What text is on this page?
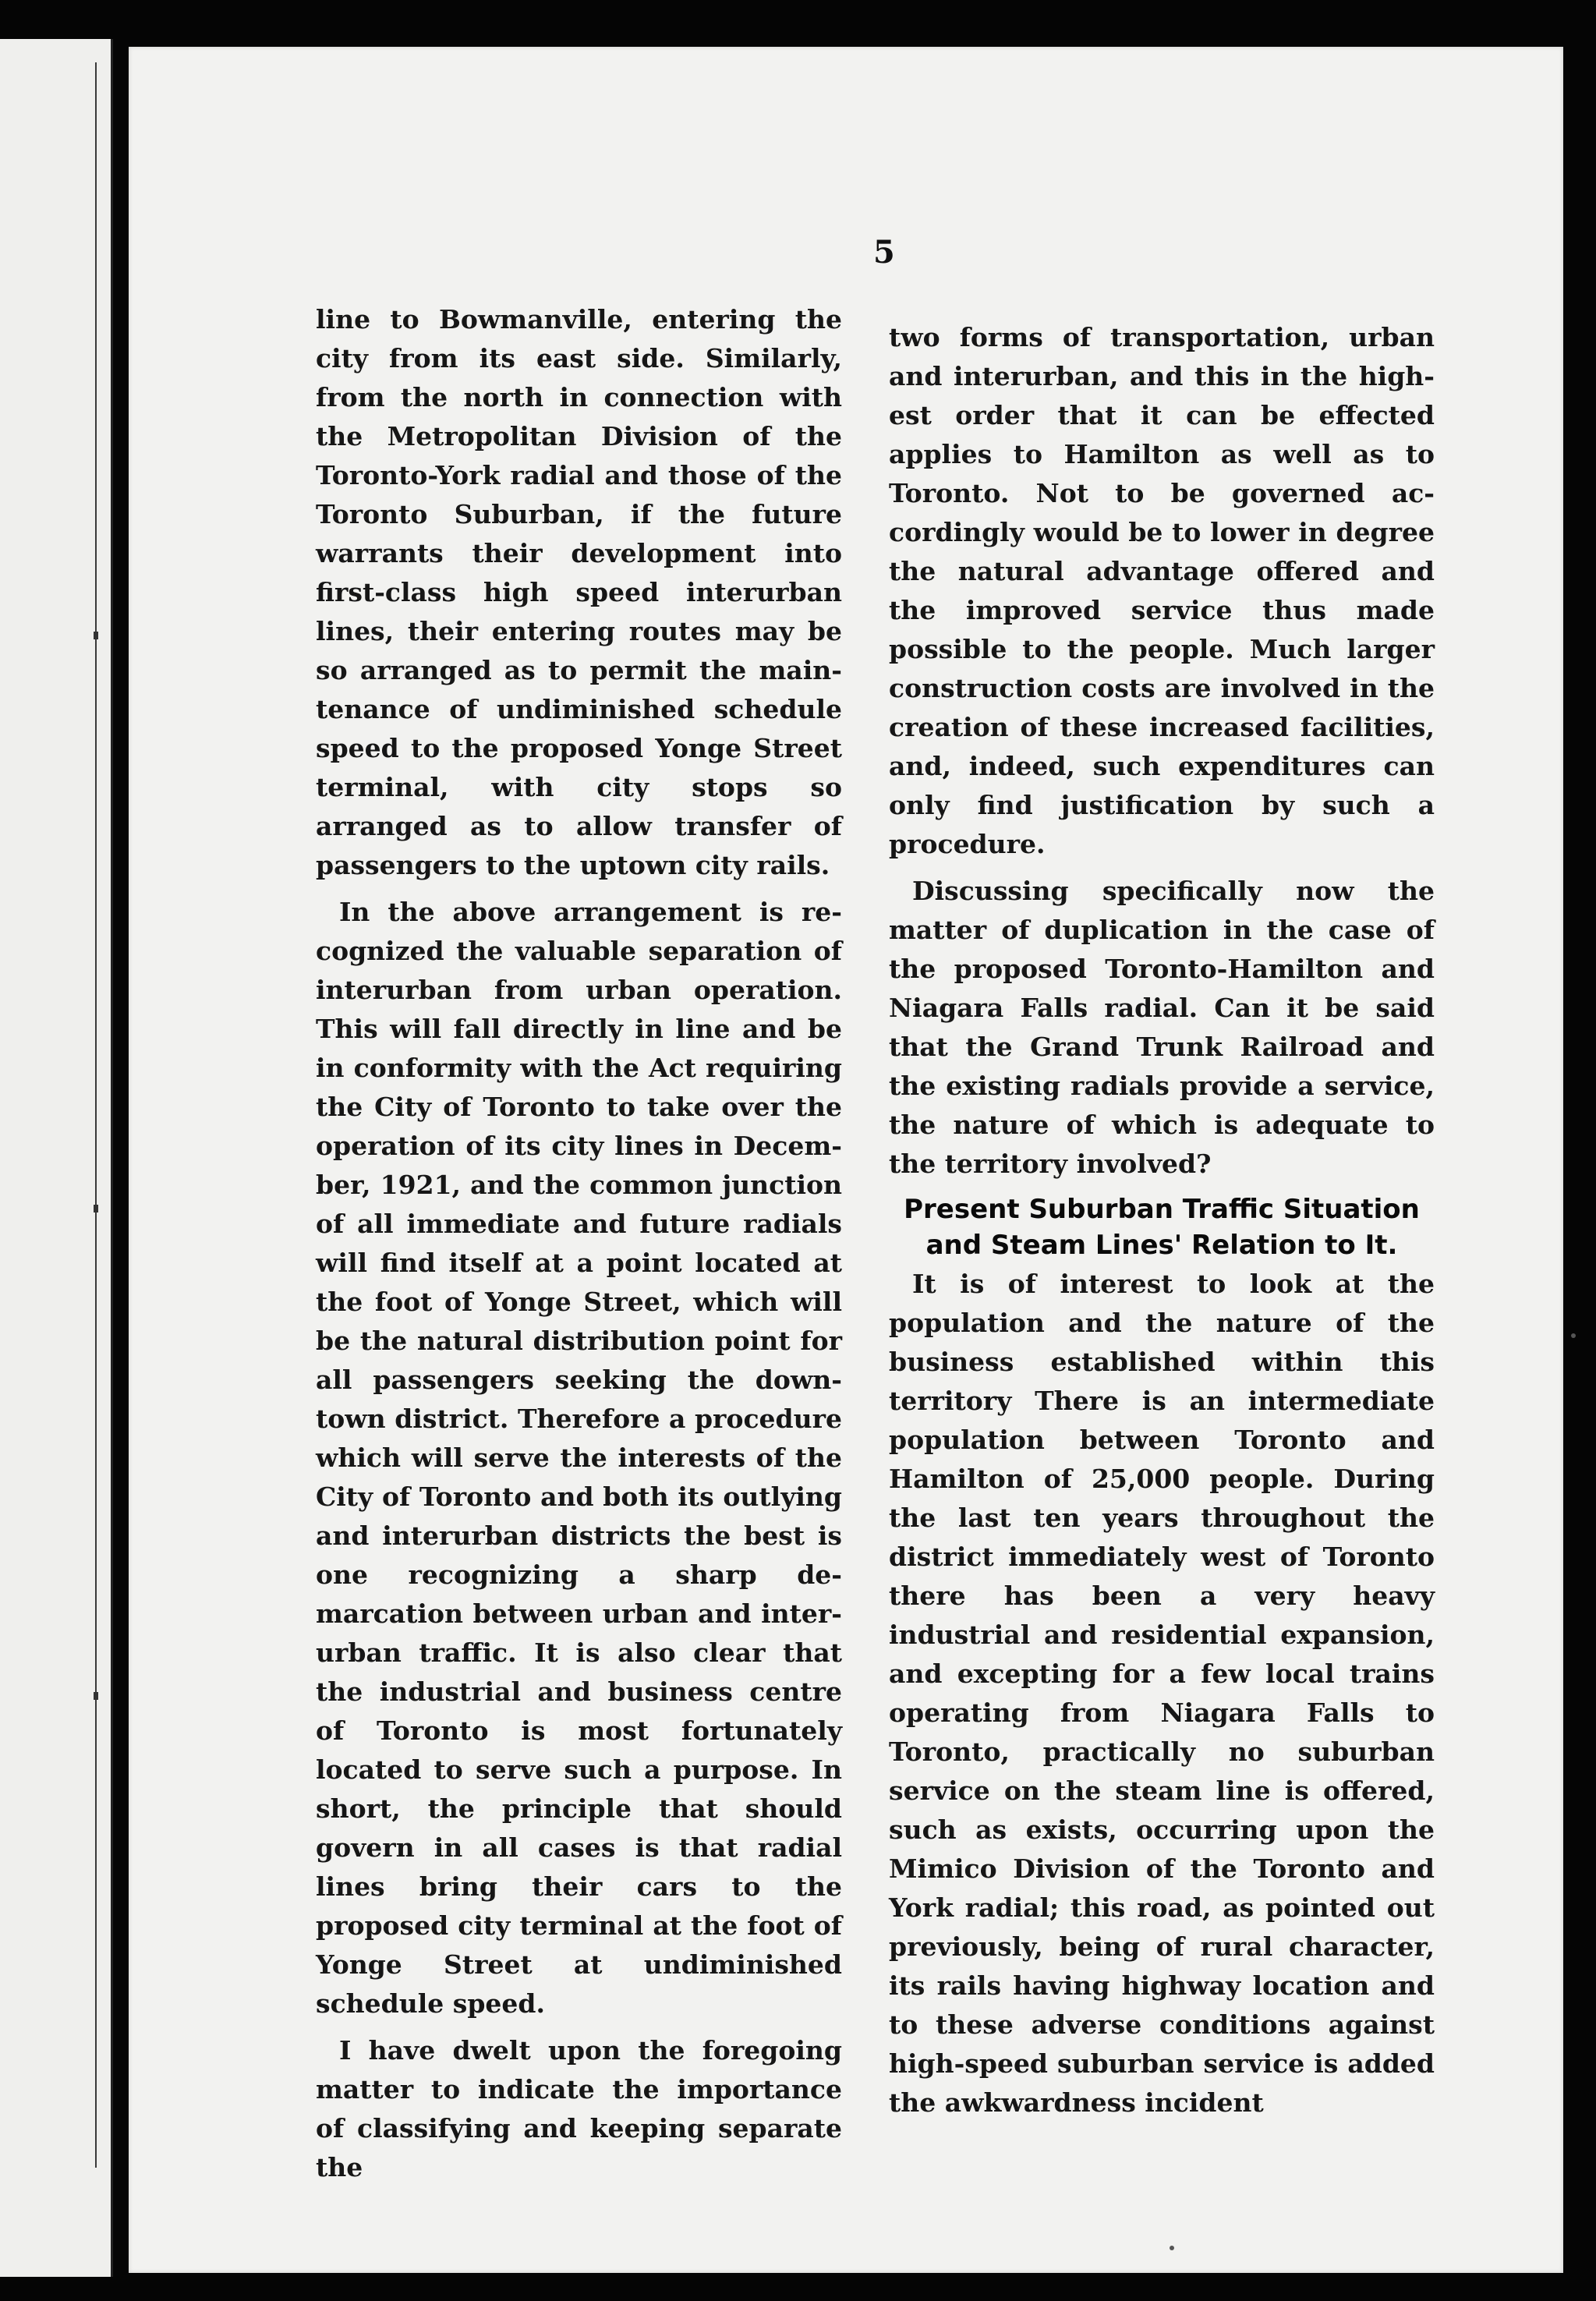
5

line to Bowmanville, entering the city from its east side. Similarly, from the north in connection with the Metropolitan Division of the Toronto-York radial and those of the Toronto Suburban, if the future warrants their development into first-class high speed interurban lines, their entering routes may be so arranged as to permit the maintenance of undiminished schedule speed to the proposed Yonge Street terminal, with city stops so arranged as to allow transfer of passengers to the uptown city rails.

In the above arrangement is recognized the valuable separation of interurban from urban operation. This will fall directly in line and be in conformity with the Act requiring the City of Toronto to take over the operation of its city lines in December, 1921, and the common junction of all immediate and future radials will find itself at a point located at the foot of Yonge Street, which will be the natural distribution point for all passengers seeking the downtown district. Therefore a procedure which will serve the interests of the City of Toronto and both its outlying and interurban districts the best is one recognizing a sharp demarcation between urban and interurban traffic. It is also clear that the industrial and business centre of Toronto is most fortunately located to serve such a purpose. In short, the principle that should govern in all cases is that radial lines bring their cars to the proposed city terminal at the foot of Yonge Street at undiminished schedule speed.

I have dwelt upon the foregoing matter to indicate the importance of classifying and keeping separate the

two forms of transportation, urban and interurban, and this in the highest order that it can be effected applies to Hamilton as well as to Toronto. Not to be governed accordingly would be to lower in degree the natural advantage offered and the improved service thus made possible to the people. Much larger construction costs are involved in the creation of these increased facilities, and, indeed, such expenditures can only find justification by such a procedure.

Discussing specifically now the matter of duplication in the case of the proposed Toronto-Hamilton and Niagara Falls radial. Can it be said that the Grand Trunk Railroad and the existing radials provide a service, the nature of which is adequate to the territory involved?

Present Suburban Traffic Situation
and Steam Lines' Relation to It.

It is of interest to look at the population and the nature of the business established within this territory There is an intermediate population between Toronto and Hamilton of 25,000 people. During the last ten years throughout the district immediately west of Toronto there has been a very heavy industrial and residential expansion, and excepting for a few local trains operating from Niagara Falls to Toronto, practically no suburban service on the steam line is offered, such as exists, occurring upon the Mimico Division of the Toronto and York radial; this road, as pointed out previously, being of rural character, its rails having highway location and to these adverse conditions against high-speed suburban service is added the awkwardness incident
